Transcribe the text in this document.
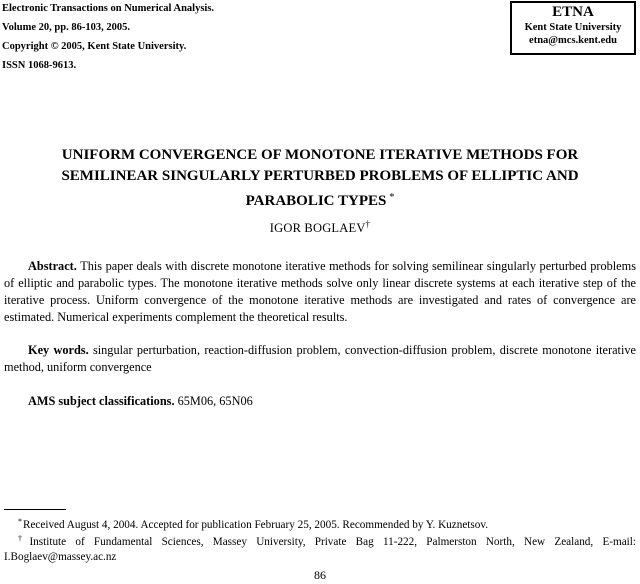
Electronic Transactions on Numerical Analysis.
Volume 20, pp. 86-103, 2005.
Copyright © 2005, Kent State University.
ISSN 1068-9613.
ETNA
Kent State University
etna@mcs.kent.edu
UNIFORM CONVERGENCE OF MONOTONE ITERATIVE METHODS FOR
SEMILINEAR SINGULARLY PERTURBED PROBLEMS OF ELLIPTIC AND
PARABOLIC TYPES *
IGOR BOGLAEV†
Abstract. This paper deals with discrete monotone iterative methods for solving semilinear singularly perturbed problems of elliptic and parabolic types. The monotone iterative methods solve only linear discrete systems at each iterative step of the iterative process. Uniform convergence of the monotone iterative methods are investigated and rates of convergence are estimated. Numerical experiments complement the theoretical results.
Key words. singular perturbation, reaction-diffusion problem, convection-diffusion problem, discrete monotone iterative method, uniform convergence
AMS subject classifications. 65M06, 65N06
*Received August 4, 2004. Accepted for publication February 25, 2005. Recommended by Y. Kuznetsov.
†Institute of Fundamental Sciences, Massey University, Private Bag 11-222, Palmerston North, New Zealand, E-mail: I.Boglaev@massey.ac.nz
86
